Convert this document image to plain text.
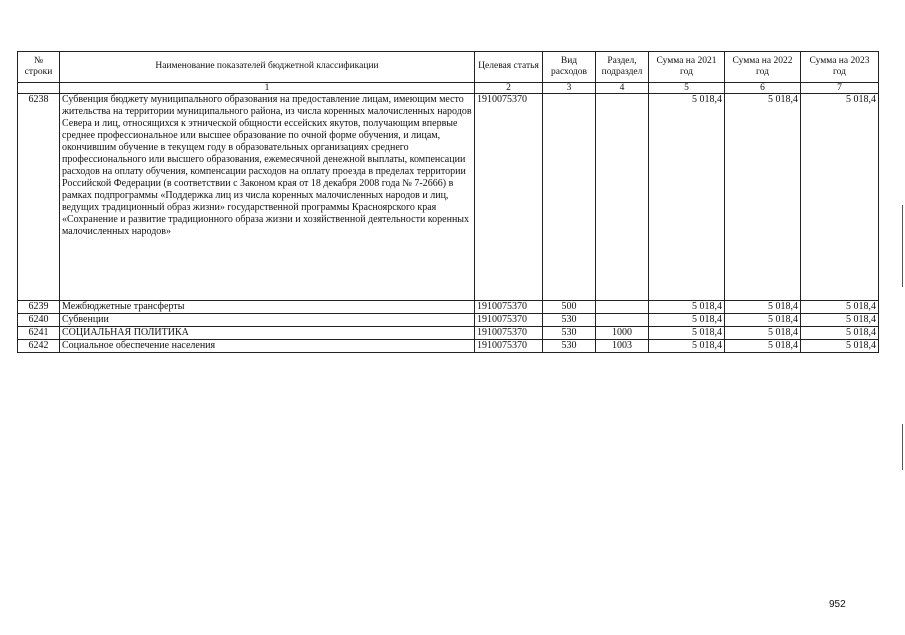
№ строки	Наименование показателей бюджетной классификации	Целевая статья	Вид расходов	Раздел, подраздел	Сумма на 2021 год	Сумма на 2022 год	Сумма на 2023 год
	1	2	3	4	5	6	7
6238	Субвенция бюджету муниципального образования на предоставление лицам, имеющим место жительства на территории муниципального района, из числа коренных малочисленных народов Севера и лиц, относящихся к этнической общности ессейских якутов, получающим впервые среднее профессиональное или высшее образование по очной форме обучения, и лицам, окончившим обучение в текущем году в образовательных организациях среднего профессионального или высшего образования, ежемесячной денежной выплаты, компенсации расходов на оплату обучения, компенсации расходов на оплату проезда в пределах территории Российской Федерации (в соответствии с Законом края от 18 декабря 2008 года № 7-2666) в рамках подпрограммы «Поддержка лиц из числа коренных малочисленных народов и лиц, ведущих традиционный образ жизни» государственной программы Красноярского края «Сохранение и развитие традиционного образа жизни и хозяйственной деятельности коренных малочисленных народов»	1910075370			5 018,4	5 018,4	5 018,4
6239	Межбюджетные трансферты	1910075370	500		5 018,4	5 018,4	5 018,4
6240	Субвенции	1910075370	530		5 018,4	5 018,4	5 018,4
6241	СОЦИАЛЬНАЯ ПОЛИТИКА	1910075370	530	1000	5 018,4	5 018,4	5 018,4
6242	Социальное обеспечение населения	1910075370	530	1003	5 018,4	5 018,4	5 018,4
952
